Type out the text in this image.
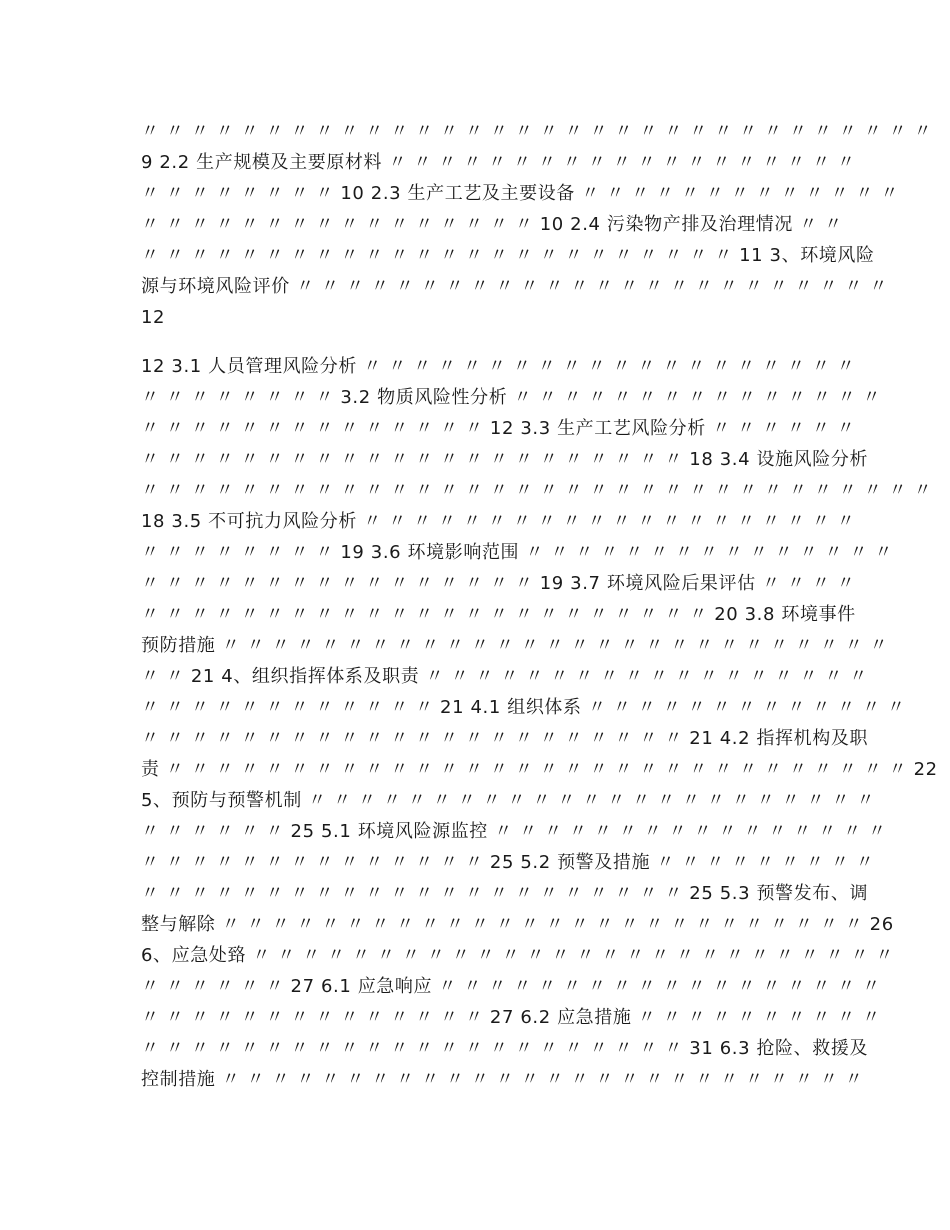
〃 〃 〃 〃 〃 〃 〃 〃 〃 〃 〃 〃 〃 〃 〃 〃 〃 〃 〃 〃 〃 〃 〃 〃 〃 〃 〃 〃 〃 〃 〃 〃
9 2.2 生产规模及主要原材料 〃 〃 〃 〃 〃 〃 〃 〃 〃 〃 〃 〃 〃 〃 〃 〃 〃 〃 〃
〃 〃 〃 〃 〃 〃 〃 〃 10 2.3 生产工艺及主要设备 〃 〃 〃 〃 〃 〃 〃 〃 〃 〃 〃 〃 〃
〃 〃 〃 〃 〃 〃 〃 〃 〃 〃 〃 〃 〃 〃 〃 〃 10 2.4 污染物产排及治理情况 〃 〃
〃 〃 〃 〃 〃 〃 〃 〃 〃 〃 〃 〃 〃 〃 〃 〃 〃 〃 〃 〃 〃 〃 〃 〃 11 3、环境风险
源与环境风险评价 〃 〃 〃 〃 〃 〃 〃 〃 〃 〃 〃 〃 〃 〃 〃 〃 〃 〃 〃 〃 〃 〃 〃 〃
12
12 3.1 人员管理风险分析 〃 〃 〃 〃 〃 〃 〃 〃 〃 〃 〃 〃 〃 〃 〃 〃 〃 〃 〃 〃
〃 〃 〃 〃 〃 〃 〃 〃 3.2 物质风险性分析 〃 〃 〃 〃 〃 〃 〃 〃 〃 〃 〃 〃 〃 〃 〃
〃 〃 〃 〃 〃 〃 〃 〃 〃 〃 〃 〃 〃 〃 12 3.3 生产工艺风险分析 〃 〃 〃 〃 〃 〃
〃 〃 〃 〃 〃 〃 〃 〃 〃 〃 〃 〃 〃 〃 〃 〃 〃 〃 〃 〃 〃 〃 18 3.4 设施风险分析
〃 〃 〃 〃 〃 〃 〃 〃 〃 〃 〃 〃 〃 〃 〃 〃 〃 〃 〃 〃 〃 〃 〃 〃 〃 〃 〃 〃 〃 〃 〃 〃
18 3.5 不可抗力风险分析 〃 〃 〃 〃 〃 〃 〃 〃 〃 〃 〃 〃 〃 〃 〃 〃 〃 〃 〃 〃
〃 〃 〃 〃 〃 〃 〃 〃 19 3.6 环境影响范围 〃 〃 〃 〃 〃 〃 〃 〃 〃 〃 〃 〃 〃 〃 〃
〃 〃 〃 〃 〃 〃 〃 〃 〃 〃 〃 〃 〃 〃 〃 〃 19 3.7 环境风险后果评估 〃 〃 〃 〃
〃 〃 〃 〃 〃 〃 〃 〃 〃 〃 〃 〃 〃 〃 〃 〃 〃 〃 〃 〃 〃 〃 〃 20 3.8 环境事件
预防措施 〃 〃 〃 〃 〃 〃 〃 〃 〃 〃 〃 〃 〃 〃 〃 〃 〃 〃 〃 〃 〃 〃 〃 〃 〃 〃 〃
〃 〃 21 4、组织指挥体系及职责 〃 〃 〃 〃 〃 〃 〃 〃 〃 〃 〃 〃 〃 〃 〃 〃 〃 〃
〃 〃 〃 〃 〃 〃 〃 〃 〃 〃 〃 〃 21 4.1 组织体系 〃 〃 〃 〃 〃 〃 〃 〃 〃 〃 〃 〃 〃
〃 〃 〃 〃 〃 〃 〃 〃 〃 〃 〃 〃 〃 〃 〃 〃 〃 〃 〃 〃 〃 〃 21 4.2 指挥机构及职
责 〃 〃 〃 〃 〃 〃 〃 〃 〃 〃 〃 〃 〃 〃 〃 〃 〃 〃 〃 〃 〃 〃 〃 〃 〃 〃 〃 〃 〃 〃 22
5、预防与预警机制 〃 〃 〃 〃 〃 〃 〃 〃 〃 〃 〃 〃 〃 〃 〃 〃 〃 〃 〃 〃 〃 〃 〃
〃 〃 〃 〃 〃 〃 25 5.1 环境风险源监控 〃 〃 〃 〃 〃 〃 〃 〃 〃 〃 〃 〃 〃 〃 〃 〃
〃 〃 〃 〃 〃 〃 〃 〃 〃 〃 〃 〃 〃 〃 25 5.2 预警及措施 〃 〃 〃 〃 〃 〃 〃 〃 〃
〃 〃 〃 〃 〃 〃 〃 〃 〃 〃 〃 〃 〃 〃 〃 〃 〃 〃 〃 〃 〃 〃 25 5.3 预警发布、调
整与解除 〃 〃 〃 〃 〃 〃 〃 〃 〃 〃 〃 〃 〃 〃 〃 〃 〃 〃 〃 〃 〃 〃 〃 〃 〃 〃 26
6、应急处臵 〃 〃 〃 〃 〃 〃 〃 〃 〃 〃 〃 〃 〃 〃 〃 〃 〃 〃 〃 〃 〃 〃 〃 〃 〃 〃
〃 〃 〃 〃 〃 〃 27 6.1 应急响应 〃 〃 〃 〃 〃 〃 〃 〃 〃 〃 〃 〃 〃 〃 〃 〃 〃 〃
〃 〃 〃 〃 〃 〃 〃 〃 〃 〃 〃 〃 〃 〃 27 6.2 应急措施 〃 〃 〃 〃 〃 〃 〃 〃 〃 〃
〃 〃 〃 〃 〃 〃 〃 〃 〃 〃 〃 〃 〃 〃 〃 〃 〃 〃 〃 〃 〃 〃 31 6.3 抢险、救援及
控制措施 〃 〃 〃 〃 〃 〃 〃 〃 〃 〃 〃 〃 〃 〃 〃 〃 〃 〃 〃 〃 〃 〃 〃 〃 〃 〃
